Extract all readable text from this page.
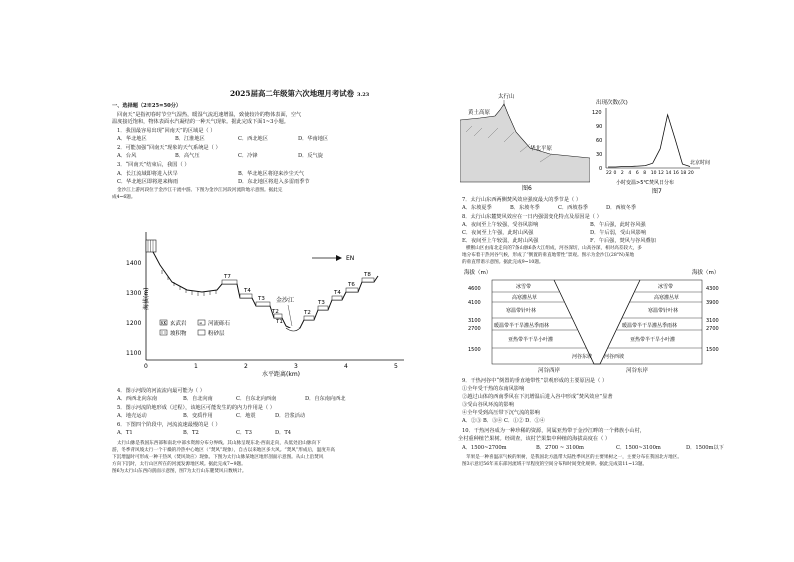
2025届高二年级第六次地理月考试卷 3.23
一、选择题（2※25=50分）
回南天”是指初春时节空气湿热，暖湿气流迅速增温，致使较冷的物体表面，空气
温度接近饱和，物体表面水汽凝结的一种天气现象。据此完成下面1~3小题。
1．我国最容易出现“回南天”的区域是（ ）
A．华北地区	B．江淮地区	C．西北地区	D．华南地区
2．可能加强“回南天”现象的天气系统是（ ）
A．台风	B．高气压	C．冷锋	D．反气旋
3．“回南天”结束后，我国（ ）
A．长江流域即将进入伏旱	B．华北地区将迎来沙尘天气
C．华北地区即将迎来梅雨	D．东北地区将进入多雷雨季节
金沙江上游河段位于金沙江干流中游。下图为金沙江河段河流阶地示意图。据此完
成4~6题。
海拔(m)
1400
1300
1200
1100
0	1	2	3	4	5
水平距离(km)
金沙江
T7
T4
T3
T2
T1
T2
T3
T4
T6
T8
EN
KK 玄武岩	∞ 河流砾石
坡积物	粉砂层
4．图示河段的河流流向最可能为（ ）
A．西西北向东南	B．自北向南	C．自东北向西南	D．自东南向西北
5．图示河流阶地形成（过程），该地区可能发生的的内力作用是（ ）
A．地壳运动	B．变质作用	C．地震	D．岩浆活动
6．下图四个阶段中，河流流速最慢的是（ ）
A．T1	B．T2	C．T3	D．T4
太行山脉是我国东西部和南北中部水资源分布分界线。其山脉呈现东北-西南走向，从低处沿山脉向下
游，冬季背风坡太行一个干燥的冷热中心地区（“焚风”现象），自古以来地区多大风。“焚风”形成后，温度升高
下沉增温时可形成一种干热风（焚风效应）现象。下图为太行山脉某地区地形剖面示意图。从山上沿焚风
方向下沉时，太行山区所在的河流发源地区域。据此完成7~9题。
图6为太行山东西向剖面示意图，图7为太行山东麓焚风日数统计。
太行山
黄土高原
华北平原
图6
出现次数(次)
120
90
60
30
0
22 0 2 4 6 8 10 12 14 16 18 20
北京时间
小时变温>5℃焚风日分布
图7
7．太行山东西两侧焚风效应强度最大的季节是（ ）
A．东坡夏季	B．东坡冬季	C．西坡春季	D．西坡冬季
8．太行山东麓焚风效应在一日内强弱变化特点及原因是（ ）
A．夜间至上午较强，受谷风影响	B．午后强，此时谷风强
C．夜间至上午强，此时山风强	D．午后弱，受山风影响
E．夜间至上午较弱，此时山风强	F．午后强，焚风与谷风叠加
横断山区由南北走向的7条山脉6条大江组成，河谷深切，山高谷深，相对高差较大，多
地分布着干热河谷气候，形成了“倒置的垂直地带性”景观。图示为金沙江(28°N)某地
的垂直带谱示意图。据此完成9~10题。
海拔（m）	海拔（m）
4600
4100
3100
2700
1500
4300
3900
3100
2700
1500
冰雪带
高寒灌丛草
寒温带针叶林
暖温带半干旱灌丛季雨林
亚热带半干旱小叶灌
河谷东坡
冰雪带
高寒灌丛草
寒温带针叶林
暖温带半干旱灌丛季雨林
亚热带半干旱小叶灌
河谷西坡
河谷西岸	河谷东岸
9．干热河谷中“倒置的垂直地带性”景观形成的主要原因是（ ）
①全年受干热的东南风影响
②越过山体的西南季风在下沉增温后进入谷中形成“焚风效应”显著
③受山谷风环流的影响
④全年受到高压带下沉气流的影响
A．②③ B．③④ C．①② D．①④
10．干热河谷成为一种珍稀的资源，同属亚热带于金沙江畔的一个彝族小山村，
全村重种植芒果树。经调查，该村芒果集中种植的海拔高度在（ ）
A．1500~2700m	B．2700 ~ 3100m	C．1500~3100m	D．1500m以下
苹果是一种喜温凉气候的果树，是我国北方温带大陆性季风区的主要果树之一，主要分布在我国北方地区。
图3示意近56年来东部河流域干旱程度的空间分布和时间变化规律。据此完成第11~13题。
